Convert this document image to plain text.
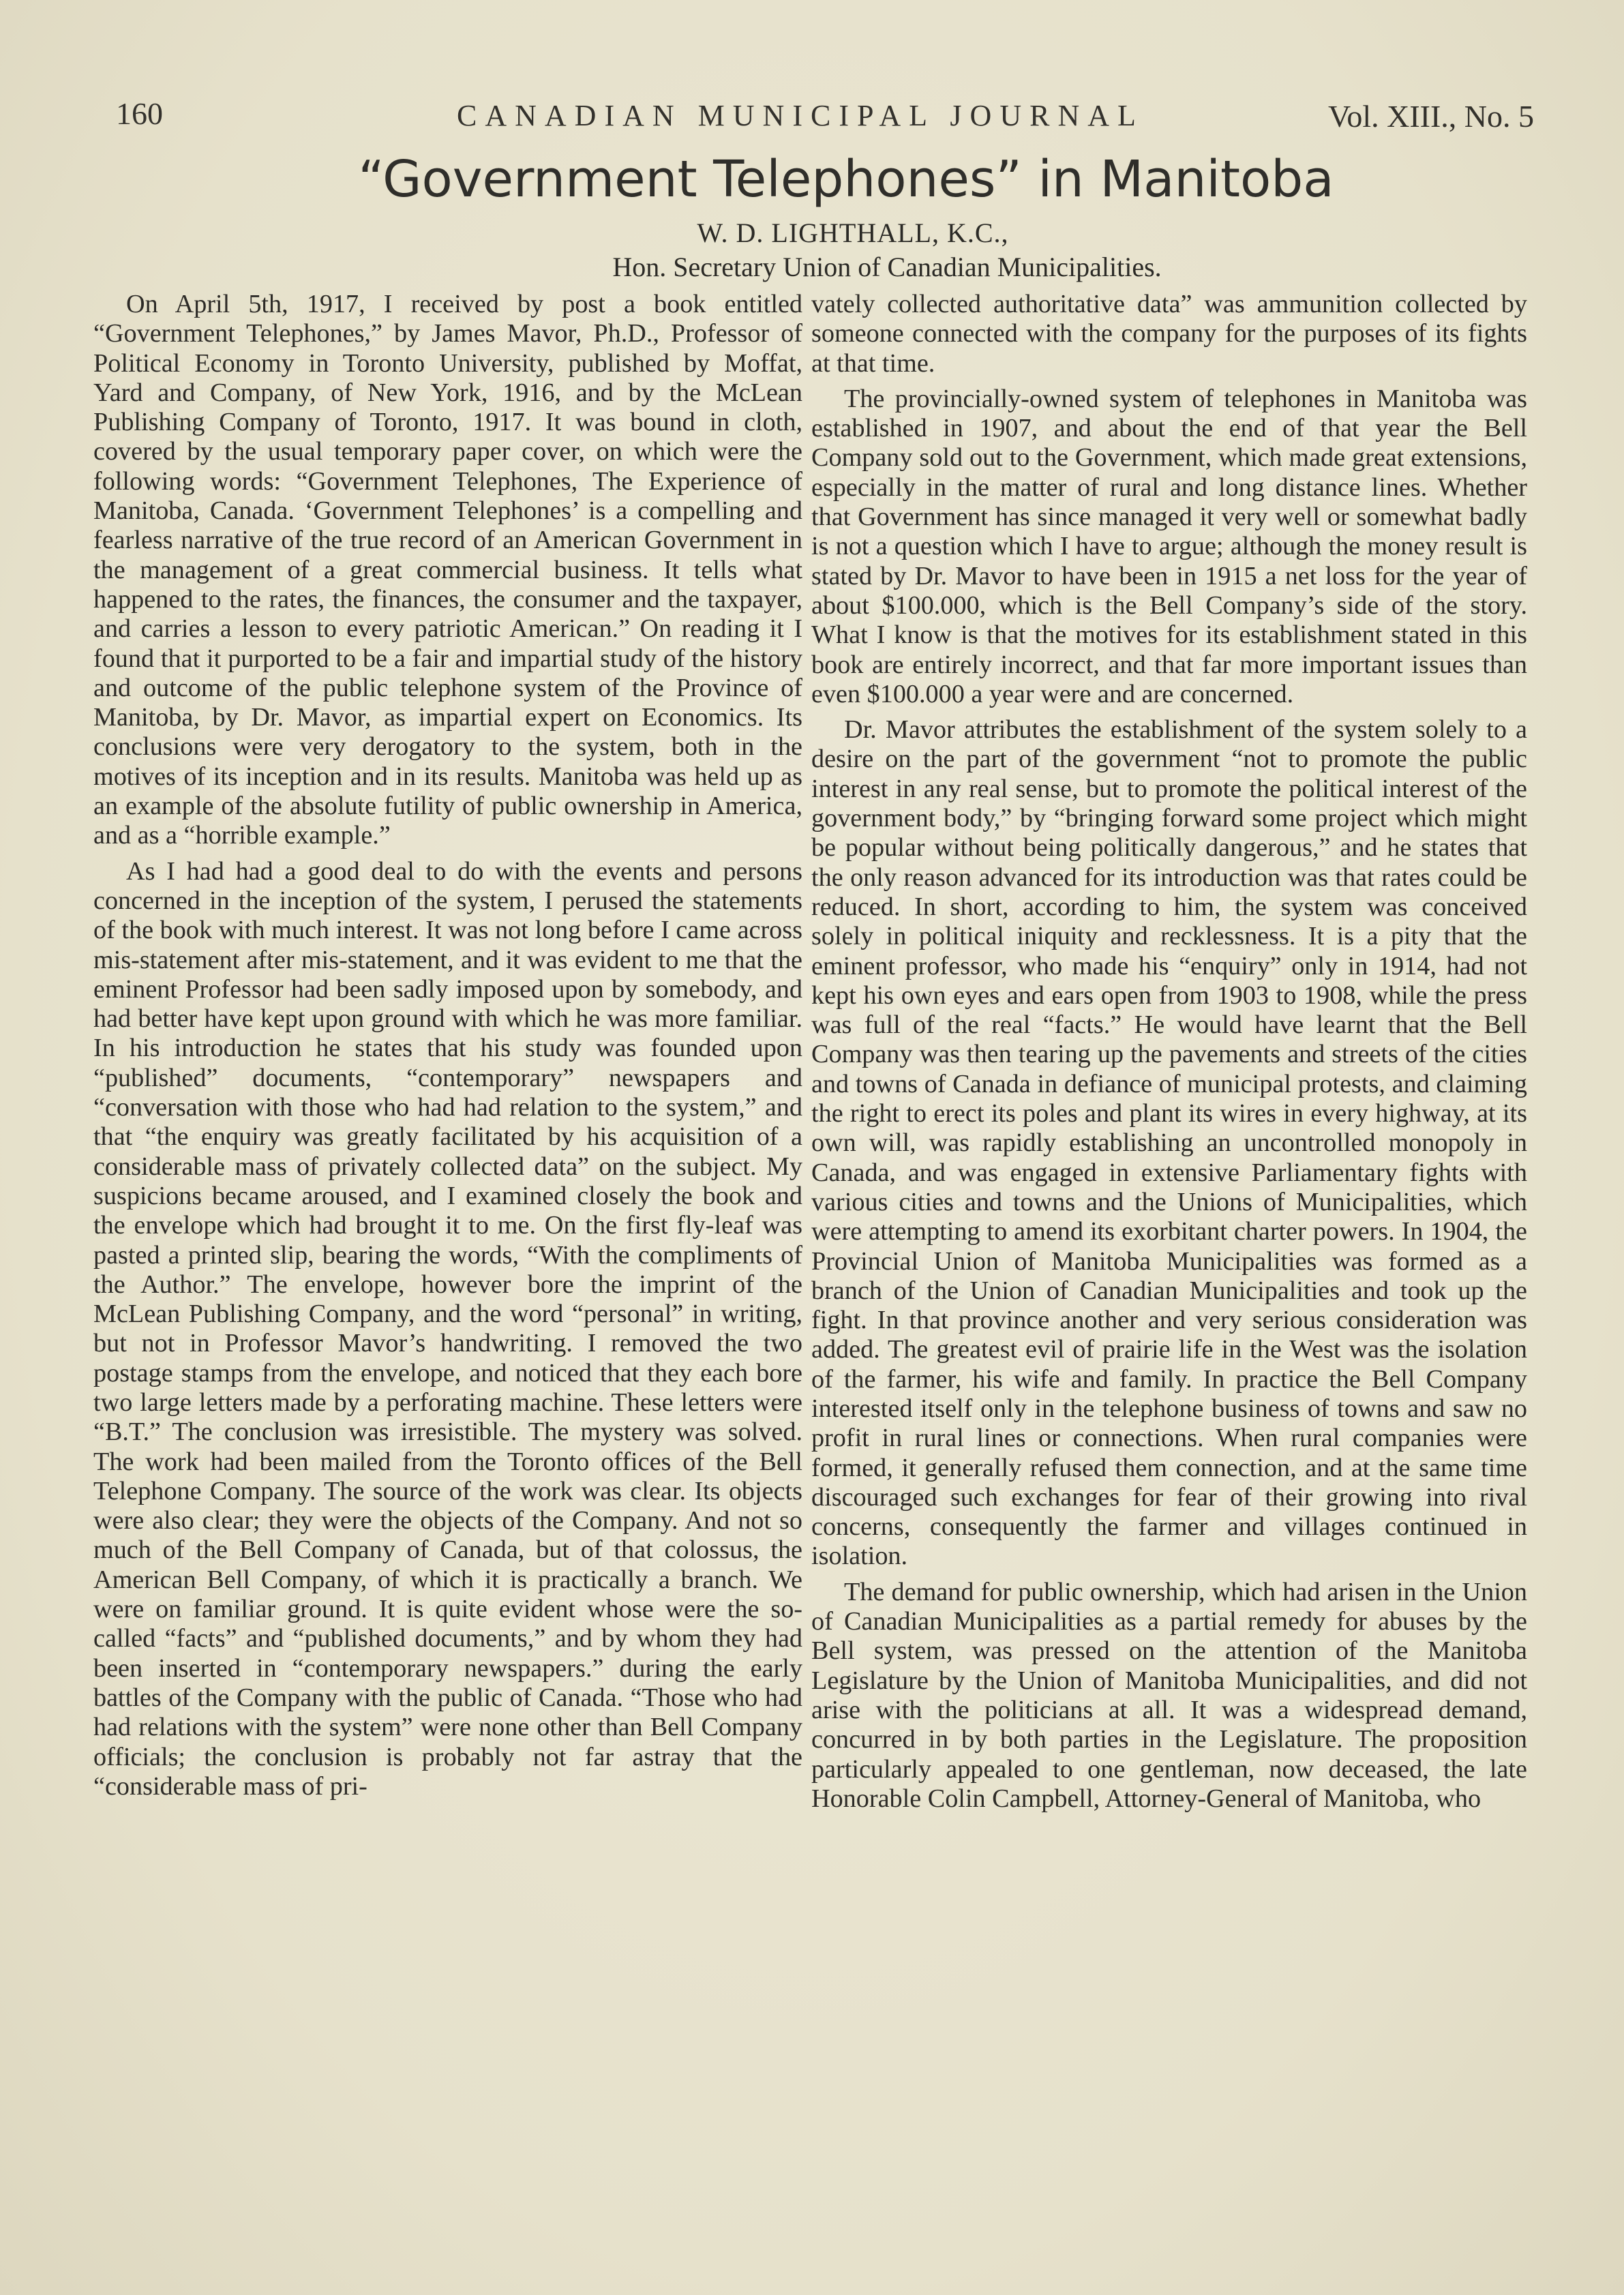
160	CANADIAN MUNICIPAL JOURNAL	Vol. XIII., No. 5
“Government Telephones” in Manitoba
W. D. LIGHTHALL, K.C.,
Hon. Secretary Union of Canadian Municipalities.

On April 5th, 1917, I received by post a book entitled “Government Telephones,” by James Mavor, Ph.D., Professor of Political Economy in Toronto University, published by Moffat, Yard and Company, of New York, 1916, and by the McLean Publishing Company of Toronto, 1917. It was bound in cloth, covered by the usual temporary paper cover, on which were the following words: “Government Telephones, The Experience of Manitoba, Canada. ‘Government Telephones’ is a compelling and fearless narrative of the true record of an American Government in the management of a great commercial business. It tells what happened to the rates, the finances, the consumer and the taxpayer, and carries a lesson to every patriotic American.” On reading it I found that it purported to be a fair and impartial study of the history and outcome of the public telephone system of the Province of Manitoba, by Dr. Mavor, as impartial expert on Economics. Its conclusions were very derogatory to the system, both in the motives of its inception and in its results. Manitoba was held up as an example of the absolute futility of public ownership in America, and as a “horrible example.”

As I had had a good deal to do with the events and persons concerned in the inception of the system, I perused the statements of the book with much interest. It was not long before I came across mis-statement after mis-statement, and it was evident to me that the eminent Professor had been sadly imposed upon by somebody, and had better have kept upon ground with which he was more familiar. In his introduction he states that his study was founded upon “published” documents, “contemporary” newspapers and “conversation with those who had had relation to the system,” and that “the enquiry was greatly facilitated by his acquisition of a considerable mass of privately collected data” on the subject. My suspicions became aroused, and I examined closely the book and the envelope which had brought it to me. On the first fly-leaf was pasted a printed slip, bearing the words, “With the compliments of the Author.” The envelope, however bore the imprint of the McLean Publishing Company, and the word “personal” in writing, but not in Professor Mavor’s handwriting. I removed the two postage stamps from the envelope, and noticed that they each bore two large letters made by a perforating machine. These letters were “B.T.” The conclusion was irresistible. The mystery was solved. The work had been mailed from the Toronto offices of the Bell Telephone Company. The source of the work was clear. Its objects were also clear; they were the objects of the Company. And not so much of the Bell Company of Canada, but of that colossus, the American Bell Company, of which it is practically a branch. We were on familiar ground. It is quite evident whose were the so-called “facts” and “published documents,” and by whom they had been inserted in “contemporary newspapers.” during the early battles of the Company with the public of Canada. “Those who had had relations with the system” were none other than Bell Company officials; the conclusion is probably not far astray that the “considerable mass of pri-

vately collected authoritative data” was ammunition collected by someone connected with the company for the purposes of its fights at that time.

The provincially-owned system of telephones in Manitoba was established in 1907, and about the end of that year the Bell Company sold out to the Government, which made great extensions, especially in the matter of rural and long distance lines. Whether that Government has since managed it very well or somewhat badly is not a question which I have to argue; although the money result is stated by Dr. Mavor to have been in 1915 a net loss for the year of about $100.000, which is the Bell Company’s side of the story. What I know is that the motives for its establishment stated in this book are entirely incorrect, and that far more important issues than even $100.000 a year were and are concerned.

Dr. Mavor attributes the establishment of the system solely to a desire on the part of the government “not to promote the public interest in any real sense, but to promote the political interest of the government body,” by “bringing forward some project which might be popular without being politically dangerous,” and he states that the only reason advanced for its introduction was that rates could be reduced. In short, according to him, the system was conceived solely in political iniquity and recklessness. It is a pity that the eminent professor, who made his “enquiry” only in 1914, had not kept his own eyes and ears open from 1903 to 1908, while the press was full of the real “facts.” He would have learnt that the Bell Company was then tearing up the pavements and streets of the cities and towns of Canada in defiance of municipal protests, and claiming the right to erect its poles and plant its wires in every highway, at its own will, was rapidly establishing an uncontrolled monopoly in Canada, and was engaged in extensive Parliamentary fights with various cities and towns and the Unions of Municipalities, which were attempting to amend its exorbitant charter powers. In 1904, the Provincial Union of Manitoba Municipalities was formed as a branch of the Union of Canadian Municipalities and took up the fight. In that province another and very serious consideration was added. The greatest evil of prairie life in the West was the isolation of the farmer, his wife and family. In practice the Bell Company interested itself only in the telephone business of towns and saw no profit in rural lines or connections. When rural companies were formed, it generally refused them connection, and at the same time discouraged such exchanges for fear of their growing into rival concerns, consequently the farmer and villages continued in isolation.

The demand for public ownership, which had arisen in the Union of Canadian Municipalities as a partial remedy for abuses by the Bell system, was pressed on the attention of the Manitoba Legislature by the Union of Manitoba Municipalities, and did not arise with the politicians at all. It was a widespread demand, concurred in by both parties in the Legislature. The proposition particularly appealed to one gentleman, now deceased, the late Honorable Colin Campbell, Attorney-General of Manitoba, who
